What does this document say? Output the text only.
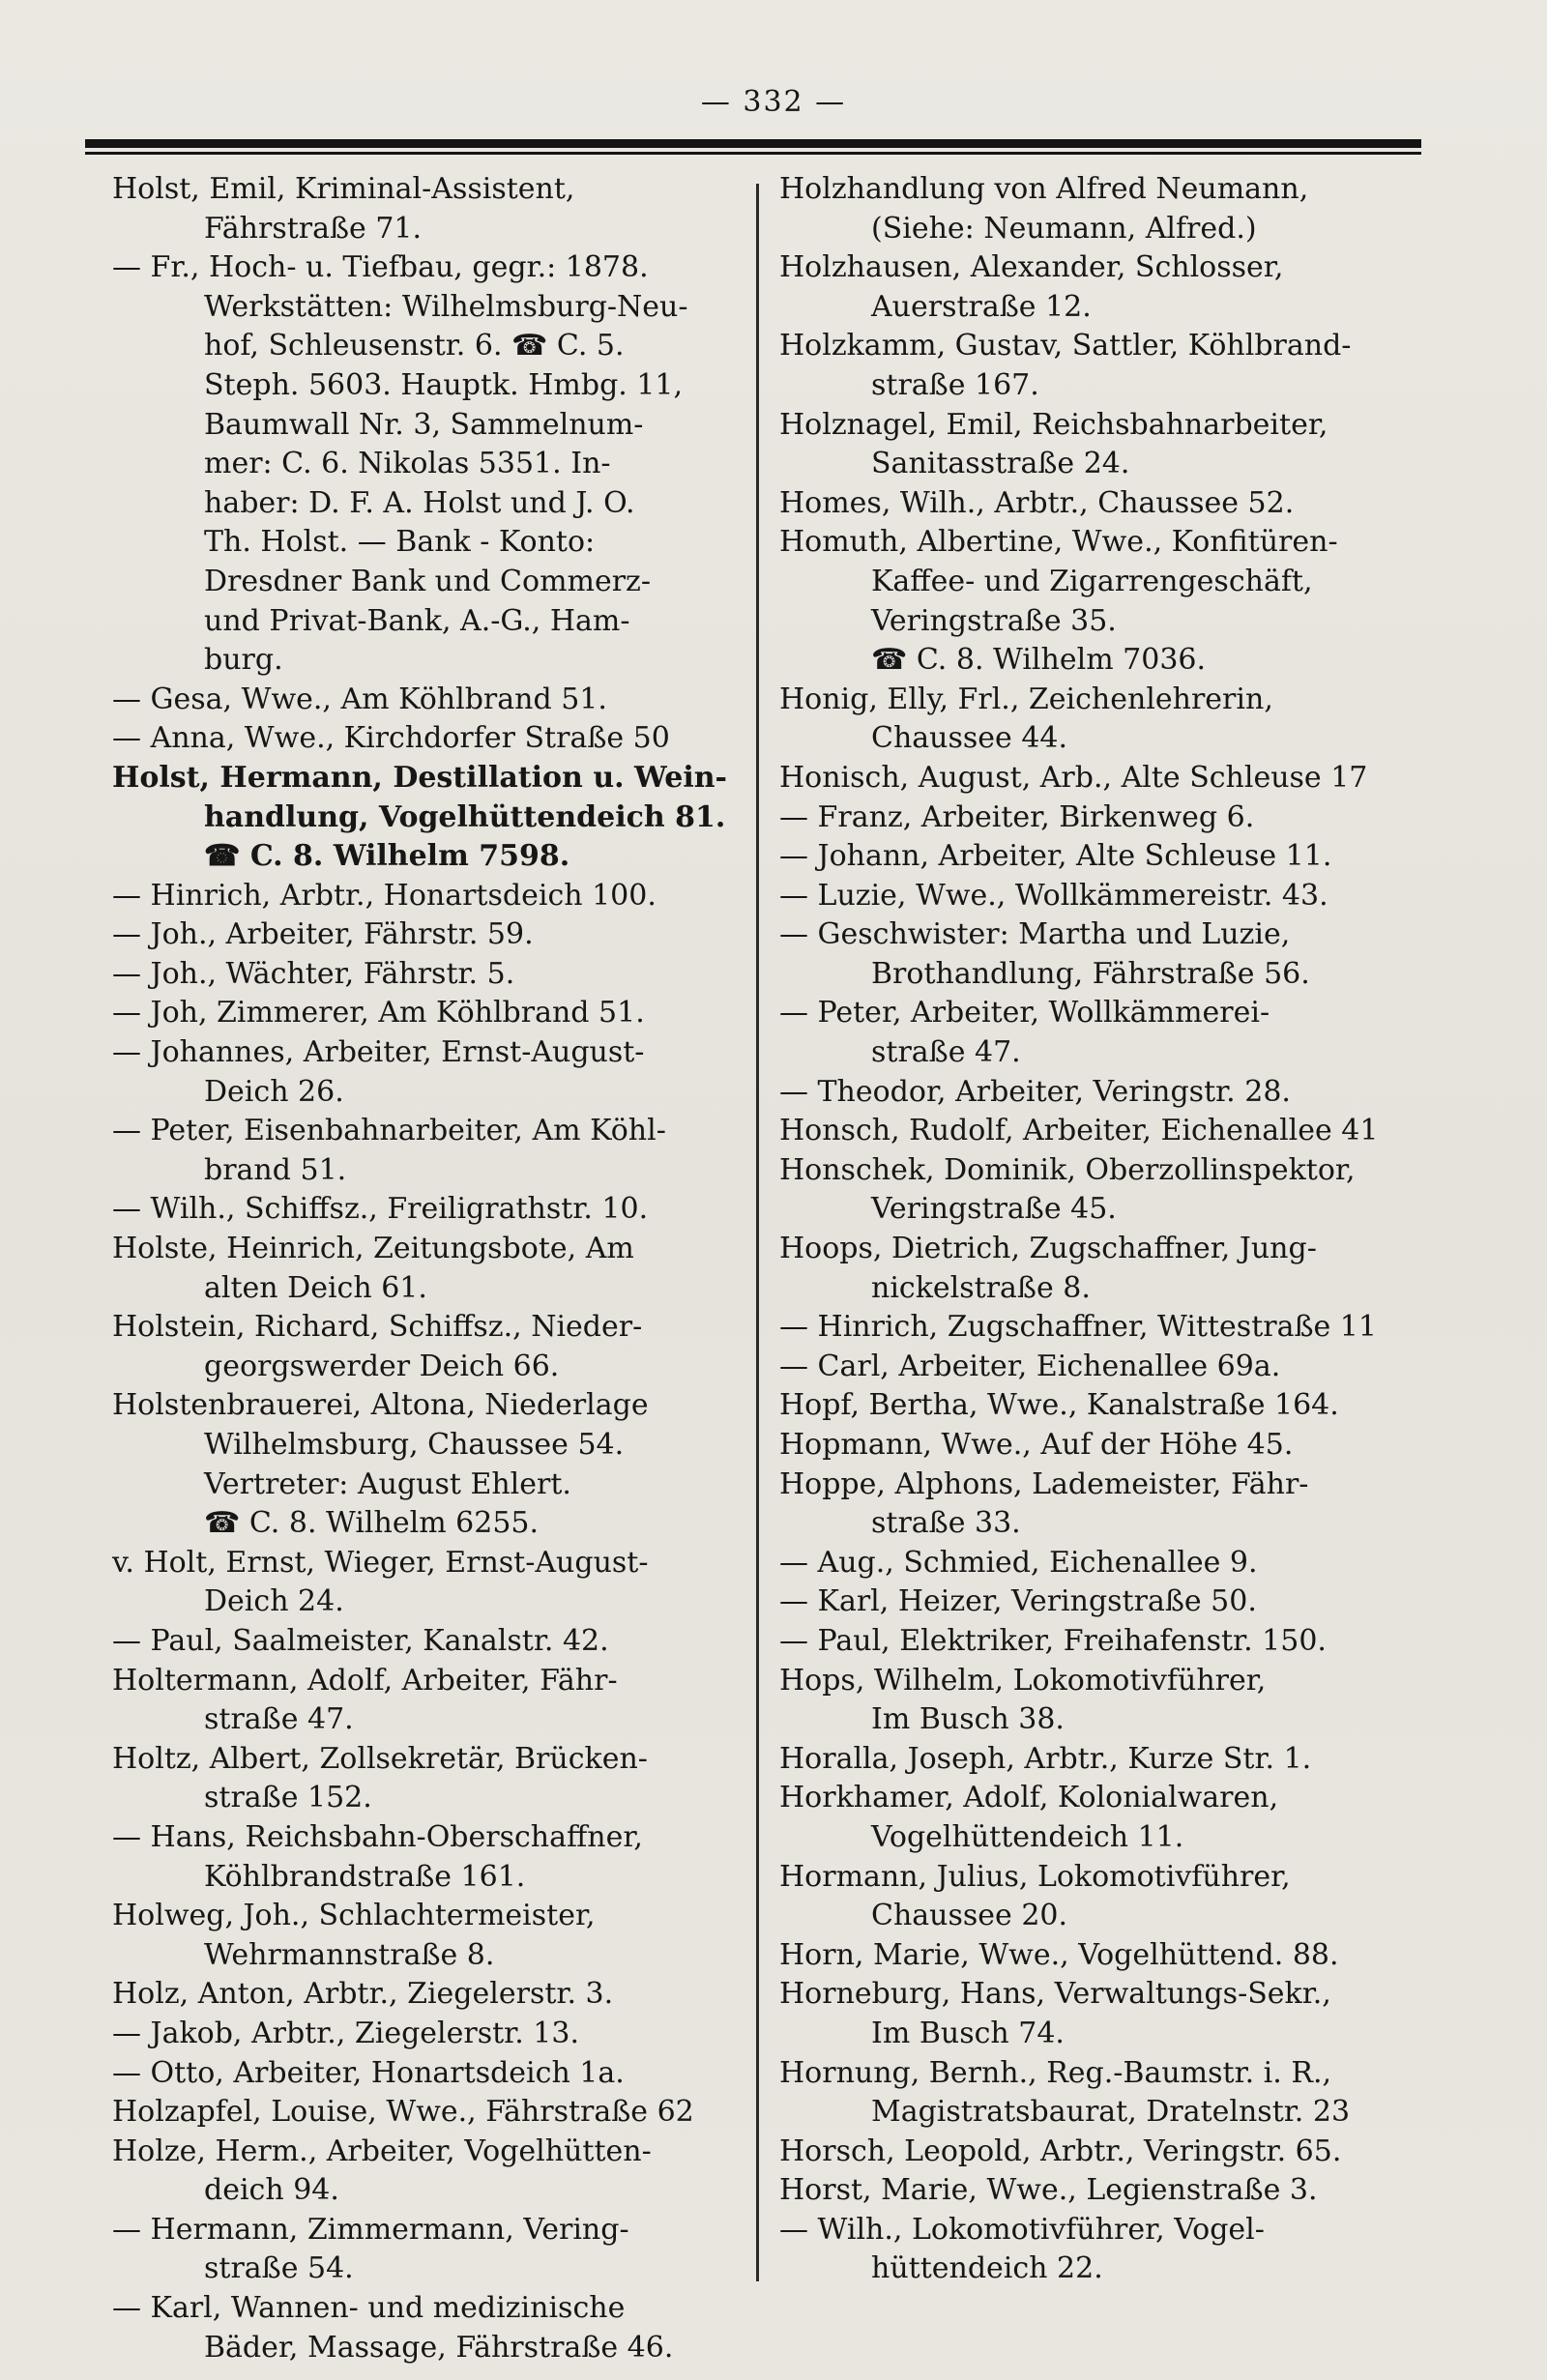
— 332 —
Holst, Emil, Kriminal-Assistent,
Fährstraße 71.
— Fr., Hoch- u. Tiefbau, gegr.: 1878.
Werkstätten: Wilhelmsburg-Neu-
hof, Schleusenstr. 6. ☎ C. 5.
Steph. 5603. Hauptk. Hmbg. 11,
Baumwall Nr. 3, Sammelnum-
mer: C. 6. Nikolas 5351. In-
haber: D. F. A. Holst und J. O.
Th. Holst. — Bank - Konto:
Dresdner Bank und Commerz-
und Privat-Bank, A.-G., Ham-
burg.
— Gesa, Wwe., Am Köhlbrand 51.
— Anna, Wwe., Kirchdorfer Straße 50
Holst, Hermann, Destillation u. Wein-
handlung, Vogelhüttendeich 81.
☎ C. 8. Wilhelm 7598.
— Hinrich, Arbtr., Honartsdeich 100.
— Joh., Arbeiter, Fährstr. 59.
— Joh., Wächter, Fährstr. 5.
— Joh, Zimmerer, Am Köhlbrand 51.
— Johannes, Arbeiter, Ernst-August-
Deich 26.
— Peter, Eisenbahnarbeiter, Am Köhl-
brand 51.
— Wilh., Schiffsz., Freiligrathstr. 10.
Holste, Heinrich, Zeitungsbote, Am
alten Deich 61.
Holstein, Richard, Schiffsz., Nieder-
georgswerder Deich 66.
Holstenbrauerei, Altona, Niederlage
Wilhelmsburg, Chaussee 54.
Vertreter: August Ehlert.
☎ C. 8. Wilhelm 6255.
v. Holt, Ernst, Wieger, Ernst-August-
Deich 24.
— Paul, Saalmeister, Kanalstr. 42.
Holtermann, Adolf, Arbeiter, Fähr-
straße 47.
Holtz, Albert, Zollsekretär, Brücken-
straße 152.
— Hans, Reichsbahn-Oberschaffner,
Köhlbrandstraße 161.
Holweg, Joh., Schlachtermeister,
Wehrmannstraße 8.
Holz, Anton, Arbtr., Ziegelerstr. 3.
— Jakob, Arbtr., Ziegelerstr. 13.
— Otto, Arbeiter, Honartsdeich 1a.
Holzapfel, Louise, Wwe., Fährstraße 62
Holze, Herm., Arbeiter, Vogelhütten-
deich 94.
— Hermann, Zimmermann, Vering-
straße 54.
— Karl, Wannen- und medizinische
Bäder, Massage, Fährstraße 46.
Holzhandlung von Alfred Neumann,
(Siehe: Neumann, Alfred.)
Holzhausen, Alexander, Schlosser,
Auerstraße 12.
Holzkamm, Gustav, Sattler, Köhlbrand-
straße 167.
Holznagel, Emil, Reichsbahnarbeiter,
Sanitasstraße 24.
Homes, Wilh., Arbtr., Chaussee 52.
Homuth, Albertine, Wwe., Konfitüren-
Kaffee- und Zigarrengeschäft,
Veringstraße 35.
☎ C. 8. Wilhelm 7036.
Honig, Elly, Frl., Zeichenlehrerin,
Chaussee 44.
Honisch, August, Arb., Alte Schleuse 17
— Franz, Arbeiter, Birkenweg 6.
— Johann, Arbeiter, Alte Schleuse 11.
— Luzie, Wwe., Wollkämmereistr. 43.
— Geschwister: Martha und Luzie,
Brothandlung, Fährstraße 56.
— Peter, Arbeiter, Wollkämmerei-
straße 47.
— Theodor, Arbeiter, Veringstr. 28.
Honsch, Rudolf, Arbeiter, Eichenallee 41
Honschek, Dominik, Oberzollinspektor,
Veringstraße 45.
Hoops, Dietrich, Zugschaffner, Jung-
nickelstraße 8.
— Hinrich, Zugschaffner, Wittestraße 11
— Carl, Arbeiter, Eichenallee 69a.
Hopf, Bertha, Wwe., Kanalstraße 164.
Hopmann, Wwe., Auf der Höhe 45.
Hoppe, Alphons, Lademeister, Fähr-
straße 33.
— Aug., Schmied, Eichenallee 9.
— Karl, Heizer, Veringstraße 50.
— Paul, Elektriker, Freihafenstr. 150.
Hops, Wilhelm, Lokomotivführer,
Im Busch 38.
Horalla, Joseph, Arbtr., Kurze Str. 1.
Horkhamer, Adolf, Kolonialwaren,
Vogelhüttendeich 11.
Hormann, Julius, Lokomotivführer,
Chaussee 20.
Horn, Marie, Wwe., Vogelhüttend. 88.
Horneburg, Hans, Verwaltungs-Sekr.,
Im Busch 74.
Hornung, Bernh., Reg.-Baumstr. i. R.,
Magistratsbaurat, Dratelnstr. 23
Horsch, Leopold, Arbtr., Veringstr. 65.
Horst, Marie, Wwe., Legienstraße 3.
— Wilh., Lokomotivführer, Vogel-
hüttendeich 22.
